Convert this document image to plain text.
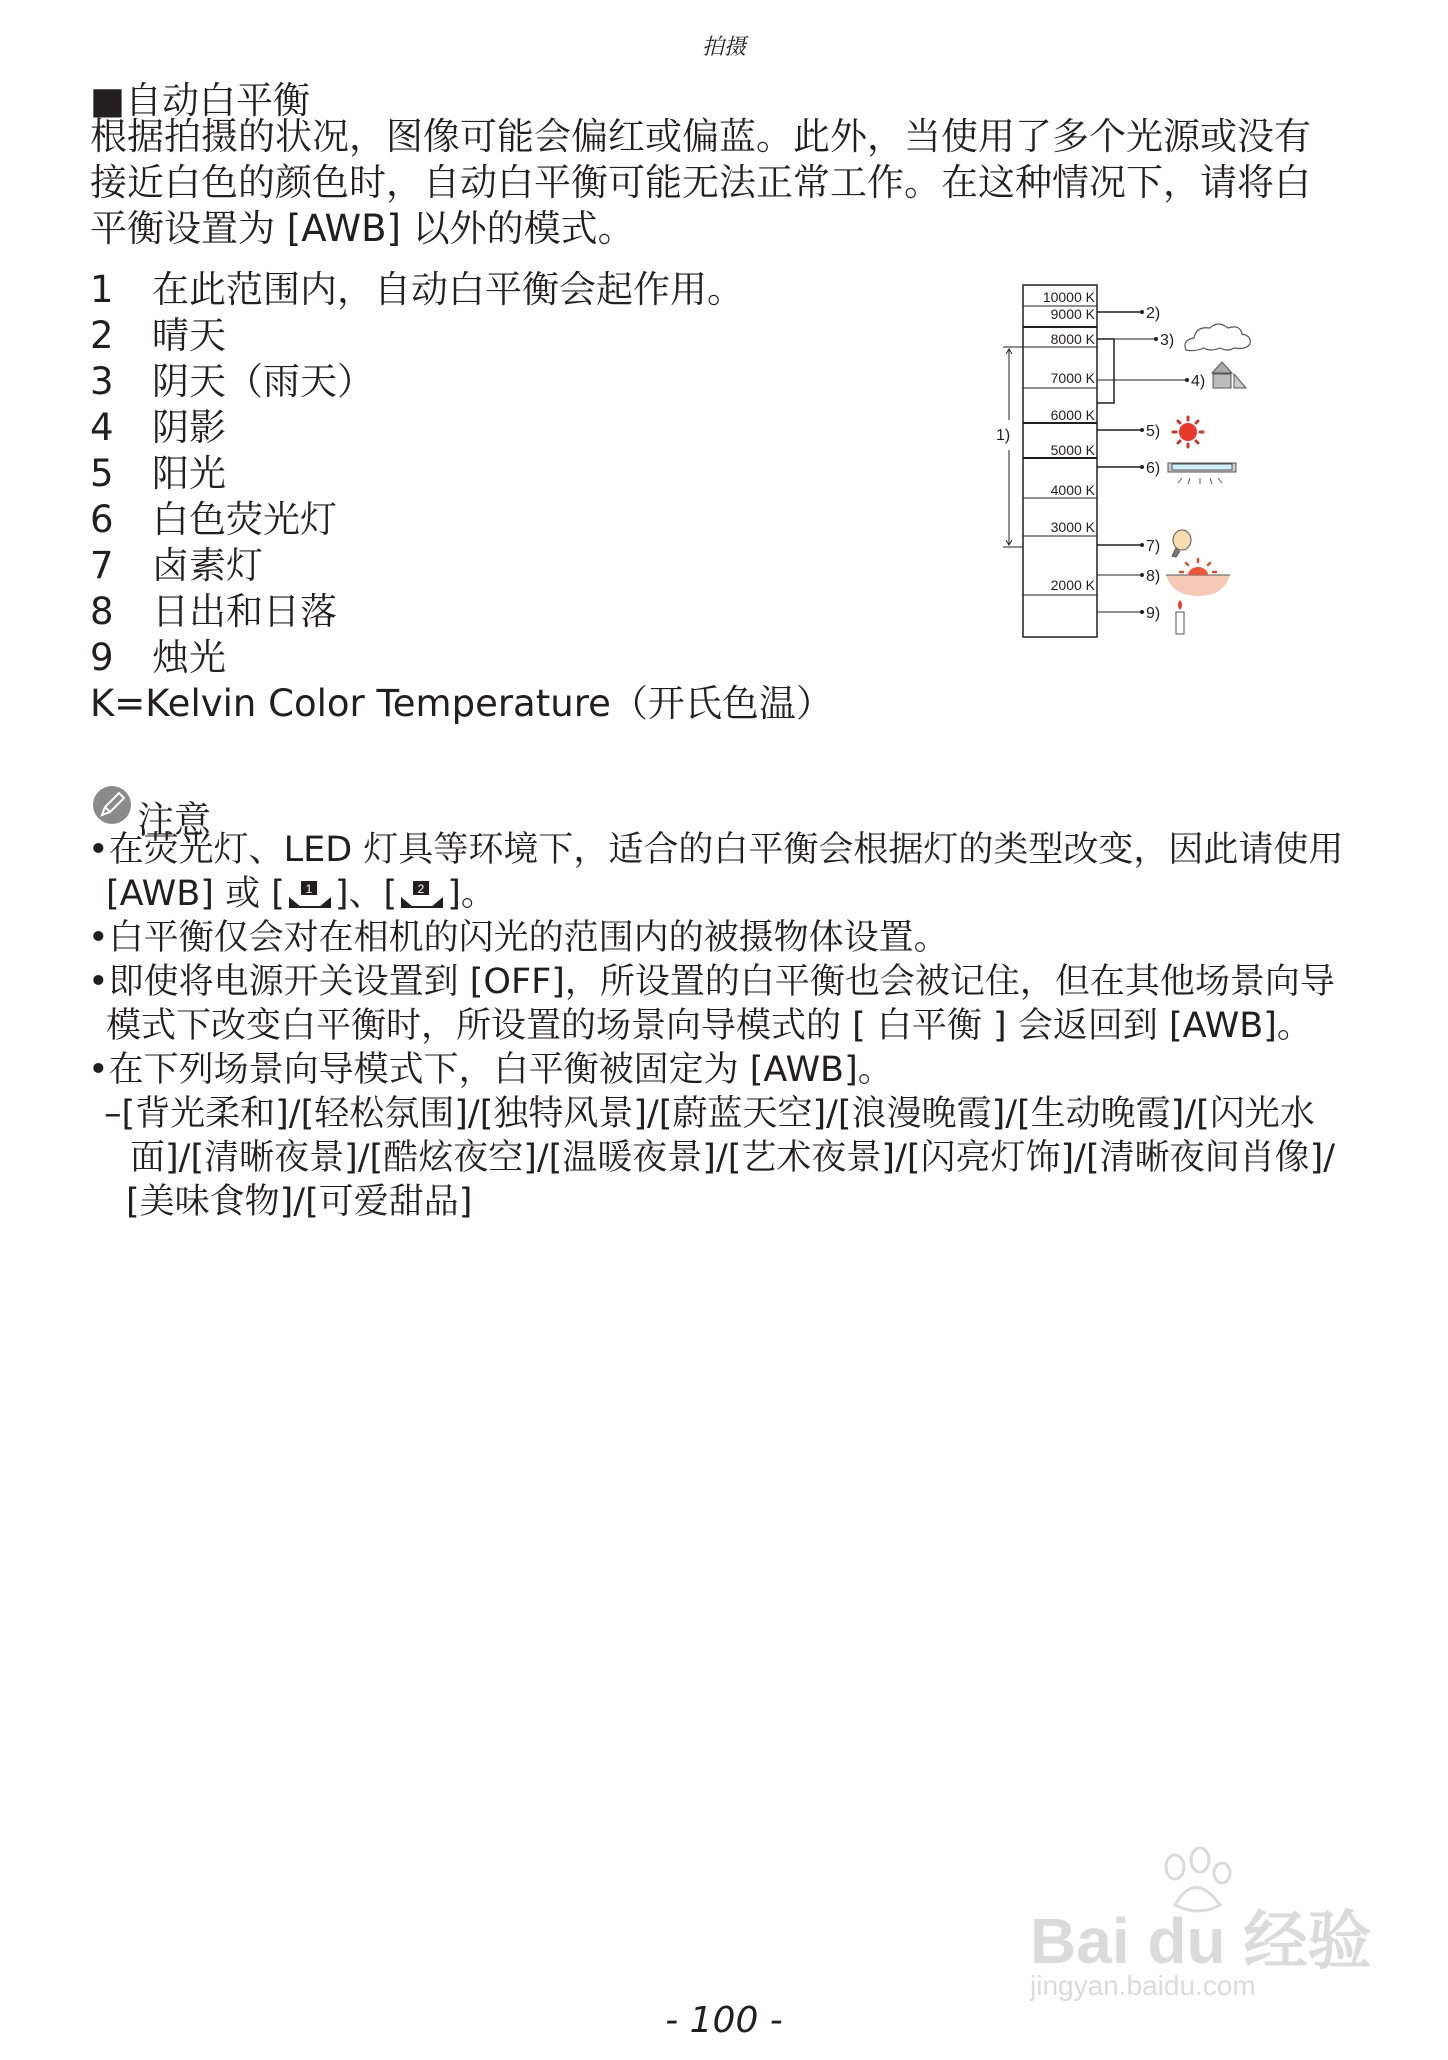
拍摄
■自动白平衡
根据拍摄的状况，图像可能会偏红或偏蓝。此外，当使用了多个光源或没有
接近白色的颜色时，自动白平衡可能无法正常工作。在这种情况下，请将白
平衡设置为 [AWB] 以外的模式。
1 在此范围内，自动白平衡会起作用。
2 晴天
3 阴天（雨天）
4 阴影
5 阳光
6 白色荧光灯
7 卤素灯
8 日出和日落
9 烛光
K=Kelvin Color Temperature（开氏色温）
10000 K
9000 K
8000 K
7000 K
6000 K
5000 K
4000 K
3000 K
2000 K
1)
2)
3)
4)
5)
6)
7)
8)
9)
注意
•在荧光灯、LED 灯具等环境下，适合的白平衡会根据灯的类型改变，因此请使用
[AWB] 或 [ 1 ]、[ 2 ]。
•白平衡仅会对在相机的闪光的范围内的被摄物体设置。
•即使将电源开关设置到 [OFF]，所设置的白平衡也会被记住，但在其他场景向导
模式下改变白平衡时，所设置的场景向导模式的 [ 白平衡 ] 会返回到 [AWB]。
•在下列场景向导模式下，白平衡被固定为 [AWB]。
–[背光柔和]/[轻松氛围]/[独特风景]/[蔚蓝天空]/[浪漫晚霞]/[生动晚霞]/[闪光水
面]/[清晰夜景]/[酷炫夜空]/[温暖夜景]/[艺术夜景]/[闪亮灯饰]/[清晰夜间肖像]/
[美味食物]/[可爱甜品]
Bai du 经验
jingyan.baidu.com
- 100 -
